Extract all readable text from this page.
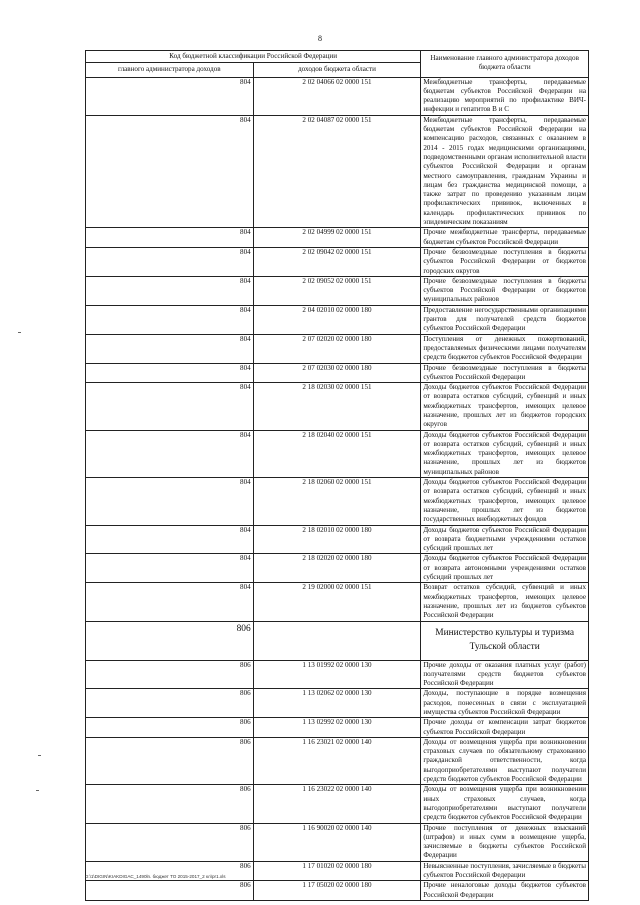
8
Код бюджетной классификации Российской Федерации		Наименование главного администратора доходов бюджета области
главного администратора доходов	доходов бюджета области	
804	2 02 04066 02 0000 151	Межбюджетные трансферты, передаваемые бюджетам субъектов Российской Федерации на реализацию мероприятий по профилактике ВИЧ-инфекции и гепатитов В и С
804	2 02 04087 02 0000 151	Межбюджетные трансферты, передаваемые бюджетам субъектов Российской Федерации на компенсацию расходов, связанных с оказанием в 2014 - 2015 годах медицинскими организациями, подведомственными органам исполнительной власти субъектов Российской Федерации и органам местного самоуправления, гражданам Украины и лицам без гражданства медицинской помощи, а также затрат по проведению указанным лицам профилактических прививок, включенных в календарь профилактических прививок по эпидемическим показаниям
804	2 02 04999 02 0000 151	Прочие межбюджетные трансферты, передаваемые бюджетам субъектов Российской Федерации
804	2 02 09042 02 0000 151	Прочие безвозмездные поступления в бюджеты субъектов Российской Федерации от бюджетов городских округов
804	2 02 09052 02 0000 151	Прочие безвозмездные поступления в бюджеты субъектов Российской Федерации от бюджетов муниципальных районов
804	2 04 02010 02 0000 180	Предоставление негосударственными организациями грантов для получателей средств бюджетов субъектов Российской Федерации
804	2 07 02020 02 0000 180	Поступления от денежных пожертвований, предоставляемых физическими лицами получателям средств бюджетов субъектов Российской Федерации
804	2 07 02030 02 0000 180	Прочие безвозмездные поступления в бюджеты субъектов Российской Федерации
804	2 18 02030 02 0000 151	Доходы бюджетов субъектов Российской Федерации от возврата остатков субсидий, субвенций и иных межбюджетных трансфертов, имеющих целевое назначение, прошлых лет из бюджетов городских округов
804	2 18 02040 02 0000 151	Доходы бюджетов субъектов Российской Федерации от возврата остатков субсидий, субвенций и иных межбюджетных трансфертов, имеющих целевое назначение, прошлых лет из бюджетов муниципальных районов
804	2 18 02060 02 0000 151	Доходы бюджетов субъектов Российской Федерации от возврата остатков субсидий, субвенций и иных межбюджетных трансфертов, имеющих целевое назначение, прошлых лет из бюджетов государственных внебюджетных фондов
804	2 18 02010 02 0000 180	Доходы бюджетов субъектов Российской Федерации от возврата бюджетными учреждениями остатков субсидий прошлых лет
804	2 18 02020 02 0000 180	Доходы бюджетов субъектов Российской Федерации от возврата автономными учреждениями остатков субсидий прошлых лет
804	2 19 02000 02 0000 151	Возврат остатков субсидий, субвенций и иных межбюджетных трансфертов, имеющих целевое назначение, прошлых лет из бюджетов субъектов Российской Федерации
806		Министерство культуры и туризма Тульской области
806	1 13 01992 02 0000 130	Прочие доходы от оказания платных услуг (работ) получателями средств бюджетов субъектов Российской Федерации
806	1 13 02062 02 0000 130	Доходы, поступающие в порядке возмещения расходов, понесенных в связи с эксплуатацией имущества субъектов Российской Федерации
806	1 13 02992 02 0000 130	Прочие доходы от компенсации затрат бюджетов субъектов Российской Федерации
806	1 16 23021 02 0000 140	Доходы от возмещения ущерба при возникновении страховых случаев по обязательному страхованию гражданской ответственности, когда выгодоприобретателями выступают получатели средств бюджетов субъектов Российской Федерации
806	1 16 23022 02 0000 140	Доходы от возмещения ущерба при возникновении иных страховых случаев, когда выгодоприобретателями выступают получатели средств бюджетов субъектов Российской Федерации
806	1 16 90020 02 0000 140	Прочие поступления от денежных взысканий (штрафов) и иных сумм в возмещение ущерба, зачисляемые в бюджеты субъектов Российской Федерации
806	1 17 01020 02 0000 180	Невыясненные поступления, зачисляемые в бюджеты субъектов Российской Федерации
806	1 17 05020 02 0000 180	Прочие неналоговые доходы бюджетов субъектов Российской Федерации
D:\1\DIGIN\KIAKDIGAC_1490ln. бюджет ТО 2015-2017_2 кл\pr1.xls
